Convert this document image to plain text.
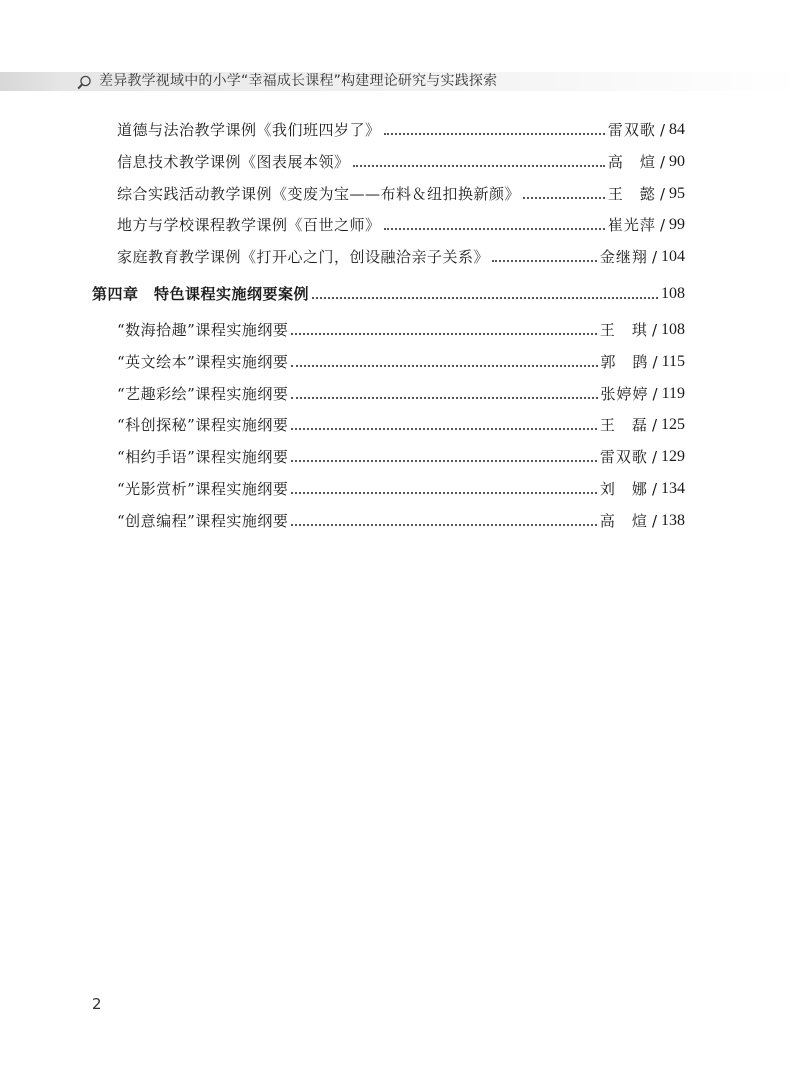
差异教学视域中的小学“幸福成长课程”构建理论研究与实践探索
道德与法治教学课例《我们班四岁了》	雷双歌 / 84
信息技术教学课例《图表展本领》	高　煊 / 90
综合实践活动教学课例《变废为宝——布料＆纽扣换新颜》	王　懿 / 95
地方与学校课程教学课例《百世之师》	崔光萍 / 99
家庭教育教学课例《打开心之门，创设融洽亲子关系》	金继翔 / 104
第四章　特色课程实施纲要案例	108
“数海拾趣”课程实施纲要	王　琪 / 108
“英文绘本”课程实施纲要	郭　鹍 / 115
“艺趣彩绘”课程实施纲要	张婷婷 / 119
“科创探秘”课程实施纲要	王　磊 / 125
“相约手语”课程实施纲要	雷双歌 / 129
“光影赏析”课程实施纲要	刘　娜 / 134
“创意编程”课程实施纲要	高　煊 / 138
2
